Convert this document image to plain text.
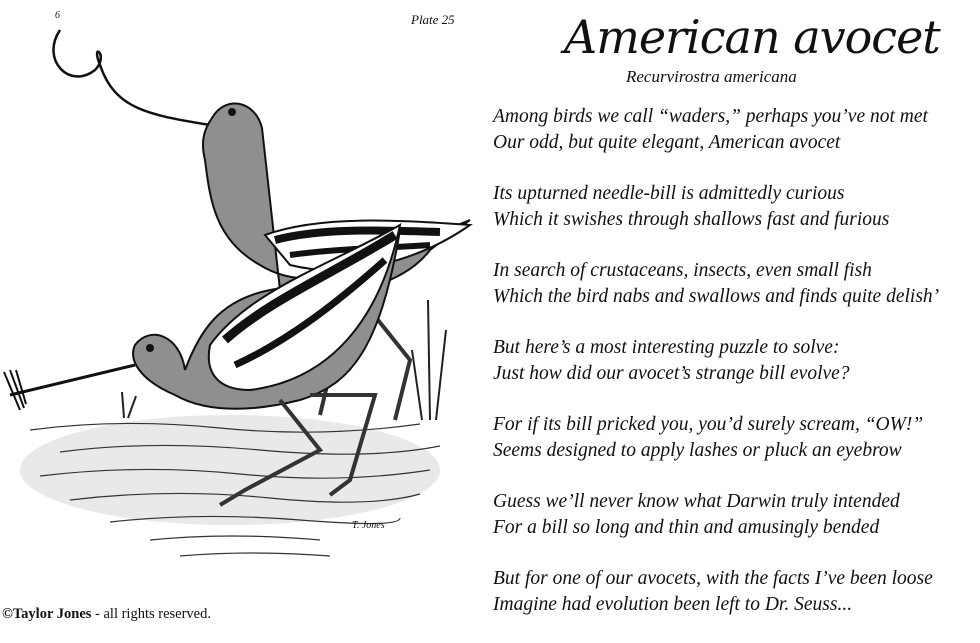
6	Plate 25
T. Jones
American avocet
Recurvirostra americana
Among birds we call “waders,” perhaps you’ve not met
Our odd, but quite elegant, American avocet
Its upturned needle-bill is admittedly curious
Which it swishes through shallows fast and furious
In search of crustaceans, insects, even small fish
Which the bird nabs and swallows and finds quite delish’
But here’s a most interesting puzzle to solve:
Just how did our avocet’s strange bill evolve?
For if its bill pricked you, you’d surely scream, “OW!”
Seems designed to apply lashes or pluck an eyebrow
Guess we’ll never know what Darwin truly intended
For a bill so long and thin and amusingly bended
But for one of our avocets, with the facts I’ve been loose
Imagine had evolution been left to Dr. Seuss...
©Taylor Jones - all rights reserved.
